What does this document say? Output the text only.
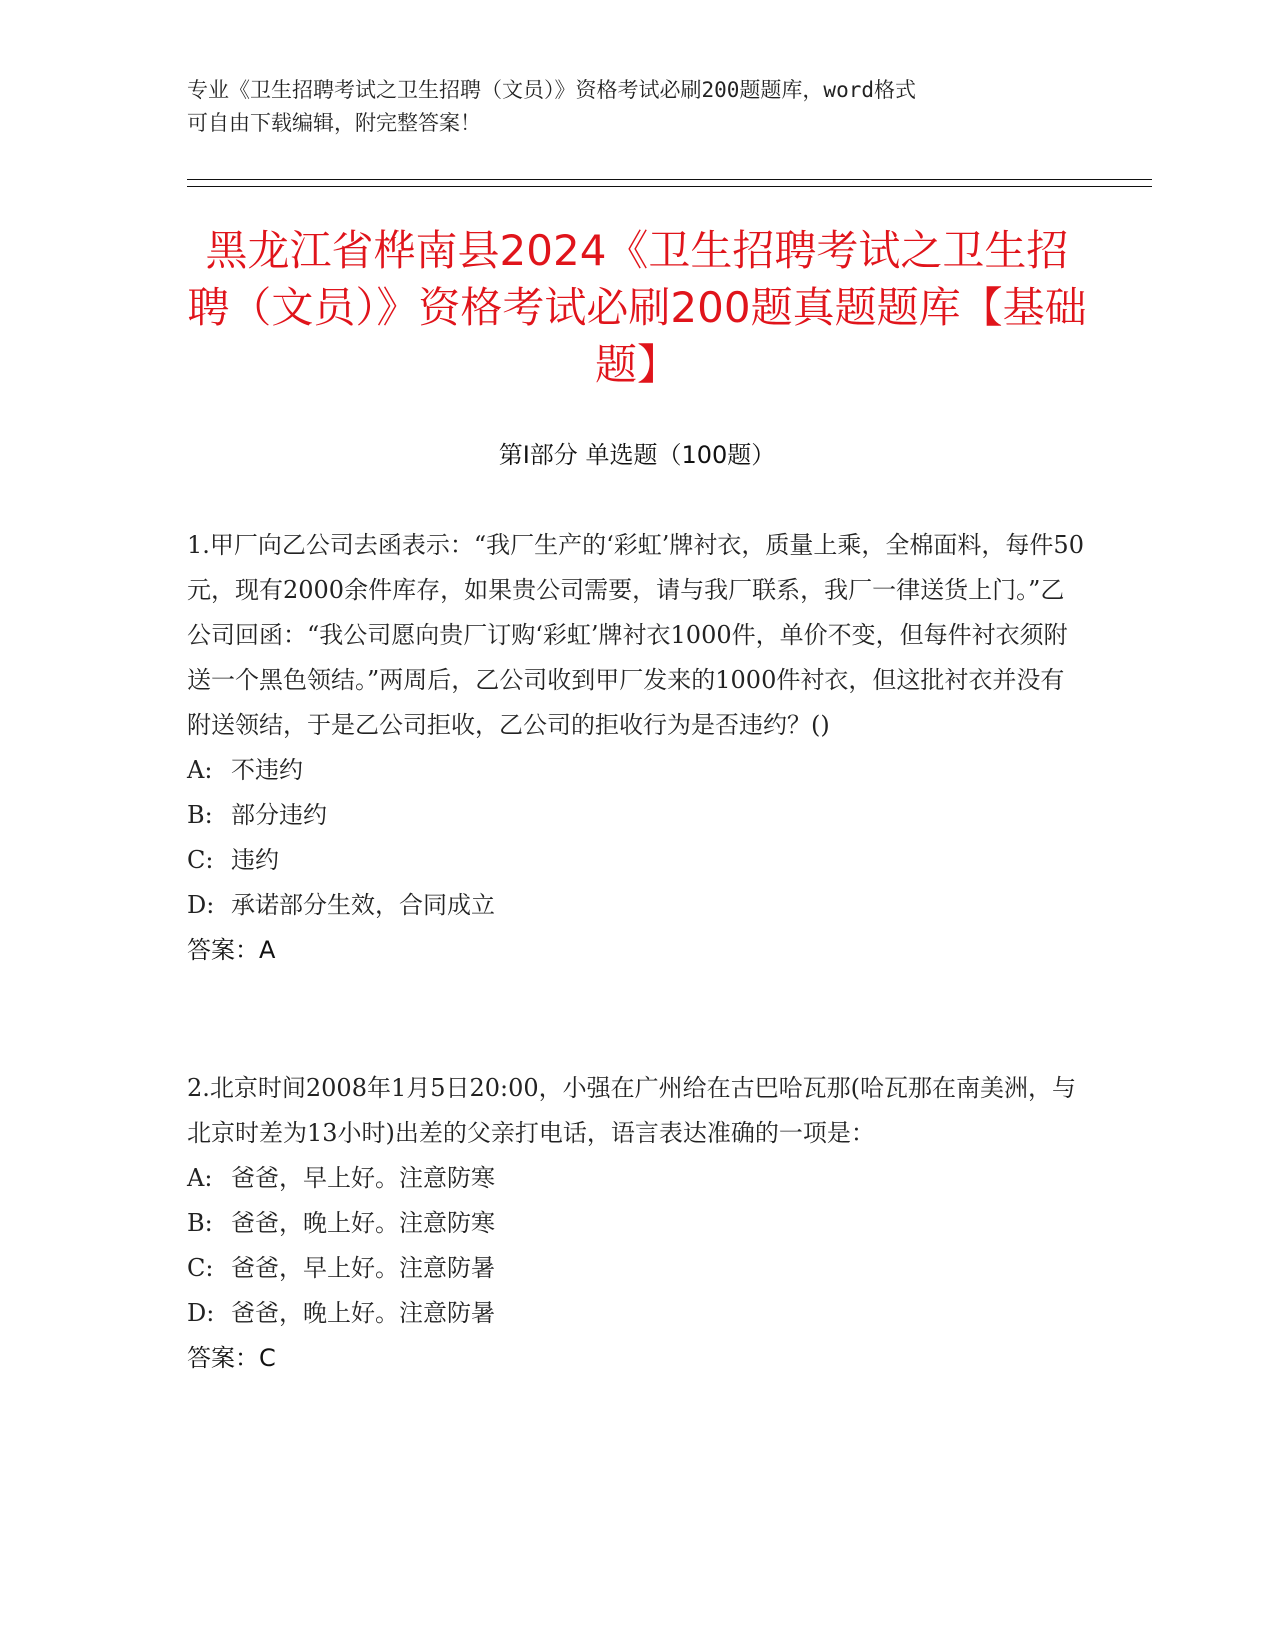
专业《卫生招聘考试之卫生招聘（文员）》资格考试必刷200题题库，word格式
可自由下载编辑，附完整答案！
黑龙江省桦南县2024《卫生招聘考试之卫生招聘（文员）》资格考试必刷200题真题题库【基础题】
第Ⅰ部分 单选题（100题）

1.甲厂向乙公司去函表示：“我厂生产的‘彩虹’牌衬衣，质量上乘，全棉面料，每件50元，现有2000余件库存，如果贵公司需要，请与我厂联系，我厂一律送货上门。”乙公司回函：“我公司愿向贵厂订购‘彩虹’牌衬衣1000件，单价不变，但每件衬衣须附送一个黑色领结。”两周后，乙公司收到甲厂发来的1000件衬衣，但这批衬衣并没有附送领结，于是乙公司拒收，乙公司的拒收行为是否违约？()

A: 不违约

B: 部分违约

C: 违约

D: 承诺部分生效，合同成立

答案：A

2.北京时间2008年1月5日20:00，小强在广州给在古巴哈瓦那(哈瓦那在南美洲，与北京时差为13小时)出差的父亲打电话，语言表达准确的一项是：

A: 爸爸，早上好。注意防寒

B: 爸爸，晚上好。注意防寒

C: 爸爸，早上好。注意防暑

D: 爸爸，晚上好。注意防暑

答案：C
